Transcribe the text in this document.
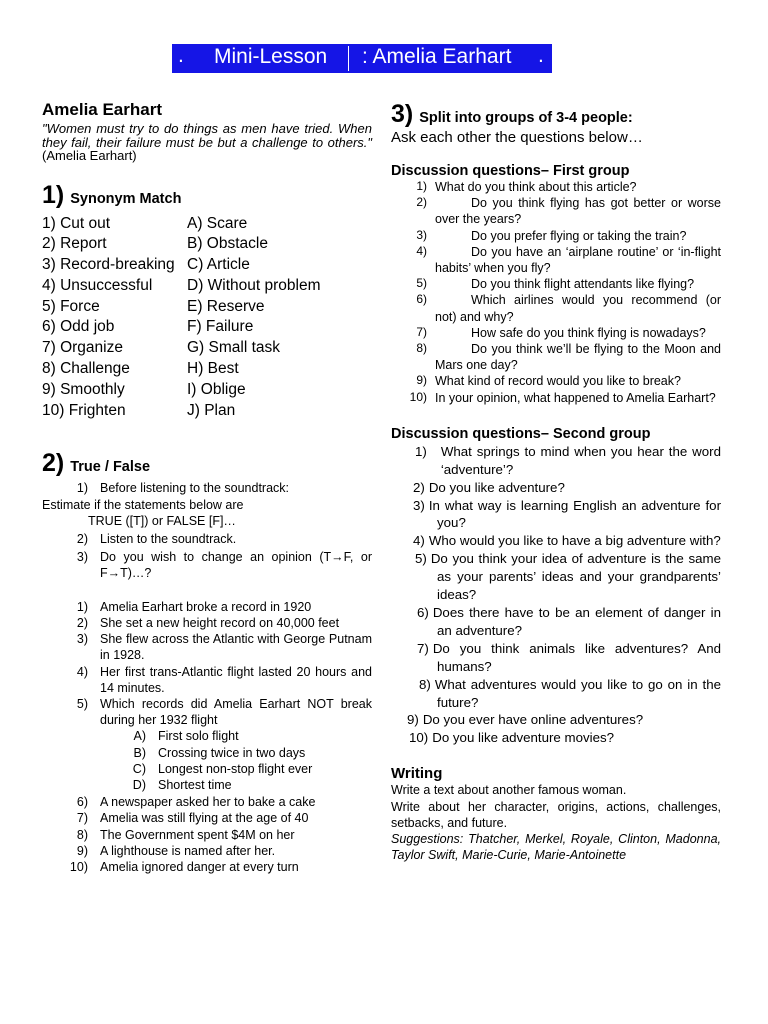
. Mini-Lesson : Amelia Earhart .
Amelia Earhart
"Women must try to do things as men have tried. When they fail, their failure must be but a challenge to others." (Amelia Earhart)
1) Synonym Match
1) Cut out	A) Scare
2) Report	B) Obstacle
3) Record-breaking C) Article
4) Unsuccessful	D) Without problem
5) Force	E) Reserve
6) Odd job	F) Failure
7) Organize	G) Small task
8) Challenge	H) Best
9) Smoothly	I) Oblige
10) Frighten	J) Plan
2) True / False
1) Before listening to the soundtrack:
Estimate if the statements below are
TRUE ([T]) or FALSE [F]…
2) Listen to the soundtrack.
3) Do you wish to change an opinion (T→F, or F→T)…?
1) Amelia Earhart broke a record in 1920
2) She set a new height record on 40,000 feet
3) She flew across the Atlantic with George Putnam in 1928.
4) Her first trans-Atlantic flight lasted 20 hours and 14 minutes.
5) Which records did Amelia Earhart NOT break during her 1932 flight
A) First solo flight
B) Crossing twice in two days
C) Longest non-stop flight ever
D) Shortest time
6) A newspaper asked her to bake a cake
7) Amelia was still flying at the age of 40
8) The Government spent $4M on her
9) A lighthouse is named after her.
10) Amelia ignored danger at every turn
3) Split into groups of 3-4 people:
Ask each other the questions below…
Discussion questions– First group
1) What do you think about this article?
2)	Do you think flying has got better or worse over the years?
3)	Do you prefer flying or taking the train?
4)	Do you have an ‘airplane routine’ or ‘in-flight habits’ when you fly?
5)	Do you think flight attendants like flying?
6)	Which airlines would you recommend (or not) and why?
7)	How safe do you think flying is nowadays?
8)	Do you think we’ll be flying to the Moon and Mars one day?
9) What kind of record would you like to break?
10) In your opinion, what happened to Amelia Earhart?
Discussion questions– Second group
1)	What springs to mind when you hear the word ‘adventure’?
2) Do you like adventure?
3) In what way is learning English an adventure for you?
4) Who would you like to have a big adventure with?
5) Do you think your idea of adventure is the same as your parents’ ideas and your grandparents’ ideas?
6) Does there have to be an element of danger in an adventure?
7) Do you think animals like adventures? And humans?
8) What adventures would you like to go on in the future?
9) Do you ever have online adventures?
10) Do you like adventure movies?
Writing

Write a text about another famous woman.

Write about her character, origins, actions, challenges, setbacks, and future.

Suggestions: Thatcher, Merkel, Royale, Clinton, Madonna, Taylor Swift, Marie-Curie, Marie-Antoinette
